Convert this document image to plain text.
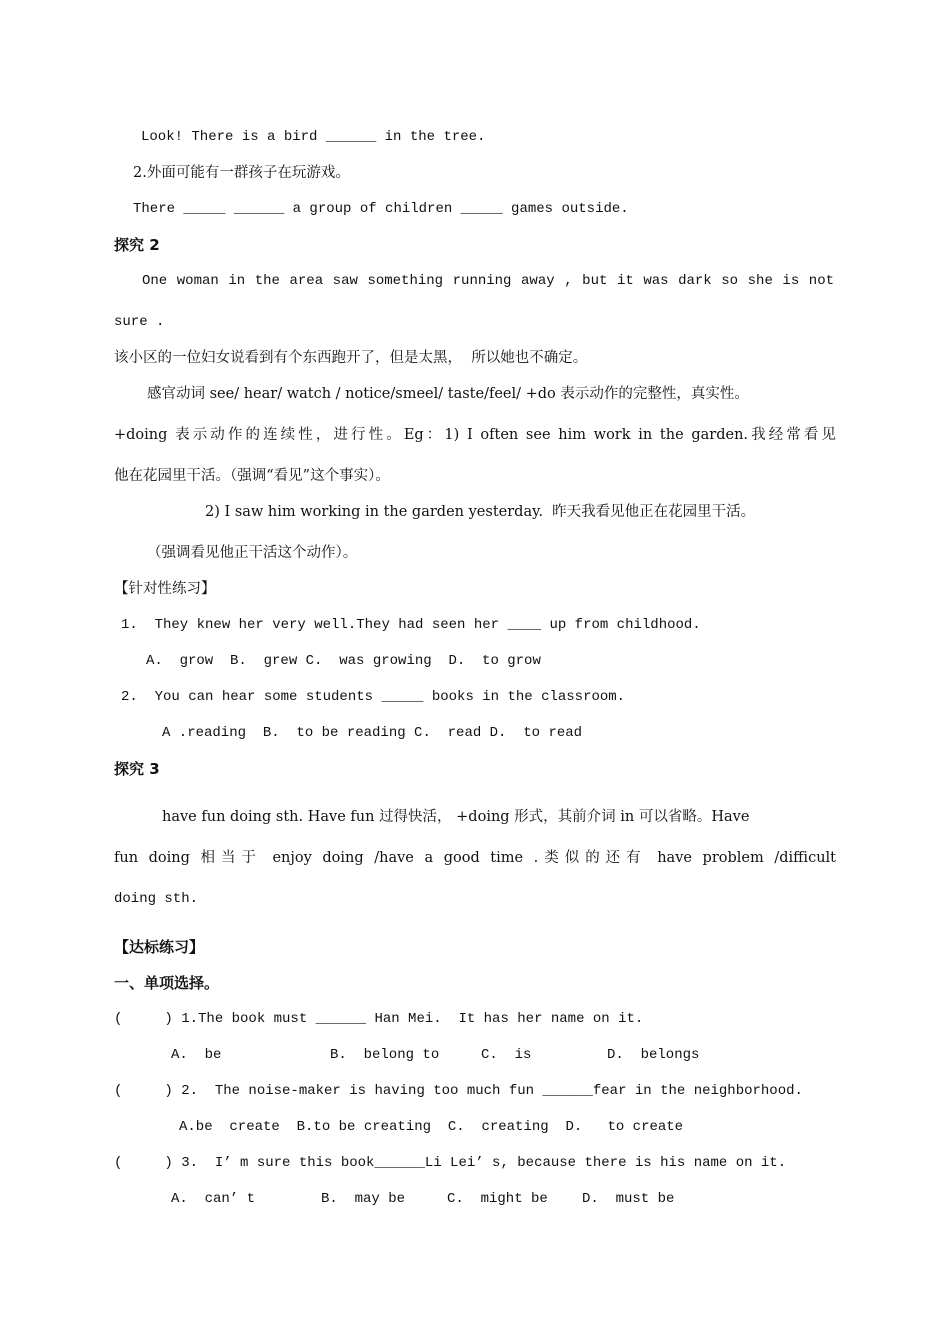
Look! There is a bird ______ in the tree.
2.外面可能有一群孩子在玩游戏。
There _____ ______ a group of children _____ games outside.
探究 2
One woman in the area saw something running away , but it was dark so she is not
sure .
该小区的一位妇女说看到有个东西跑开了，但是太黑，  所以她也不确定。
感官动词 see/ hear/ watch / notice/smeel/ taste/feel/ +do 表示动作的完整性，真实性。
+doing 表示动作的连续性，进行性。Eg：1) I often see him work in the garden.我经常看见
他在花园里干活。（强调“看见”这个事实）。
2) I saw him working in the garden yesterday.  昨天我看见他正在花园里干活。
（强调看见他正干活这个动作）。
【针对性练习】
1.  They knew her very well.They had seen her ____ up from childhood.
A.  grow  B.  grew C.  was growing  D.  to grow
2.  You can hear some students _____ books in the classroom.
A .reading  B.  to be reading C.  read D.  to read
探究 3
have fun doing sth. Have fun 过得快活， +doing 形式，其前介词 in 可以省略。Have
fun doing 相当于 enjoy doing /have a good time .类似的还有 have problem /difficult
doing sth.
【达标练习】
一、单项选择。
(     ) 1.The book must ______ Han Mei.  It has her name on it.
A.  be	B.  belong to	C.  is	D.  belongs
(     ) 2.  The noise-maker is having too much fun ______fear in the neighborhood.
A.be  create  B.to be creating  C.  creating  D.   to create
(     ) 3.  I’ m sure this book______Li Lei’ s, because there is his name on it.
A.  can’ t	B.  may be	C.  might be D.  must be
